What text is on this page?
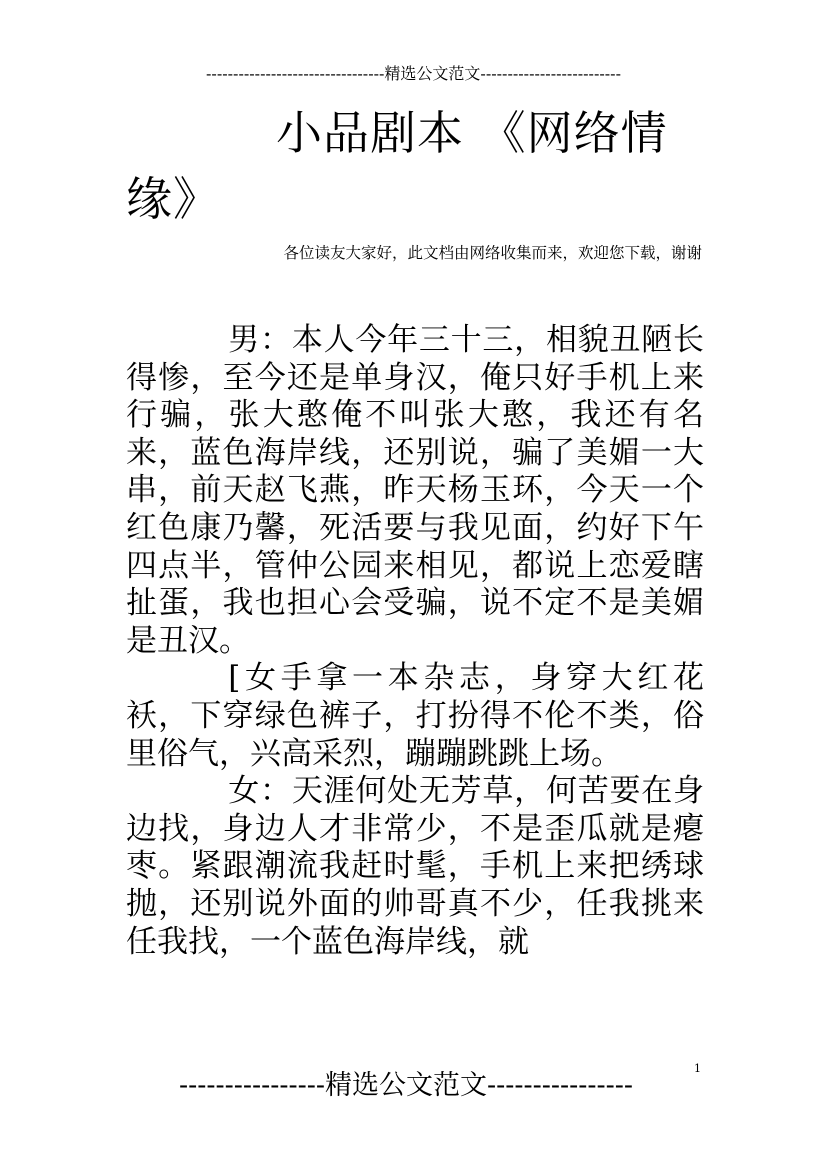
---------------------------------精选公文范文--------------------------
小品剧本 《网络情
缘》
各位读友大家好，此文档由网络收集而来，欢迎您下载，谢谢

男：本人今年三十三，相貌丑陋长得惨，至今还是单身汉，俺只好手机上来行骗，张大憨俺不叫张大憨，我还有名来，蓝色海岸线，还别说，骗了美媚一大串，前天赵飞燕，昨天杨玉环，今天一个红色康乃馨，死活要与我见面，约好下午四点半，管仲公园来相见，都说上恋爱瞎扯蛋，我也担心会受骗，说不定不是美媚是丑汉。

[女手拿一本杂志，身穿大红花袄，下穿绿色裤子，打扮得不伦不类，俗里俗气，兴高采烈，蹦蹦跳跳上场。

女：天涯何处无芳草，何苦要在身边找，身边人才非常少，不是歪瓜就是瘪枣。紧跟潮流我赶时髦，手机上来把绣球抛，还别说外面的帅哥真不少，任我挑来任我找，一个蓝色海岸线，就

1
----------------精选公文范文----------------
